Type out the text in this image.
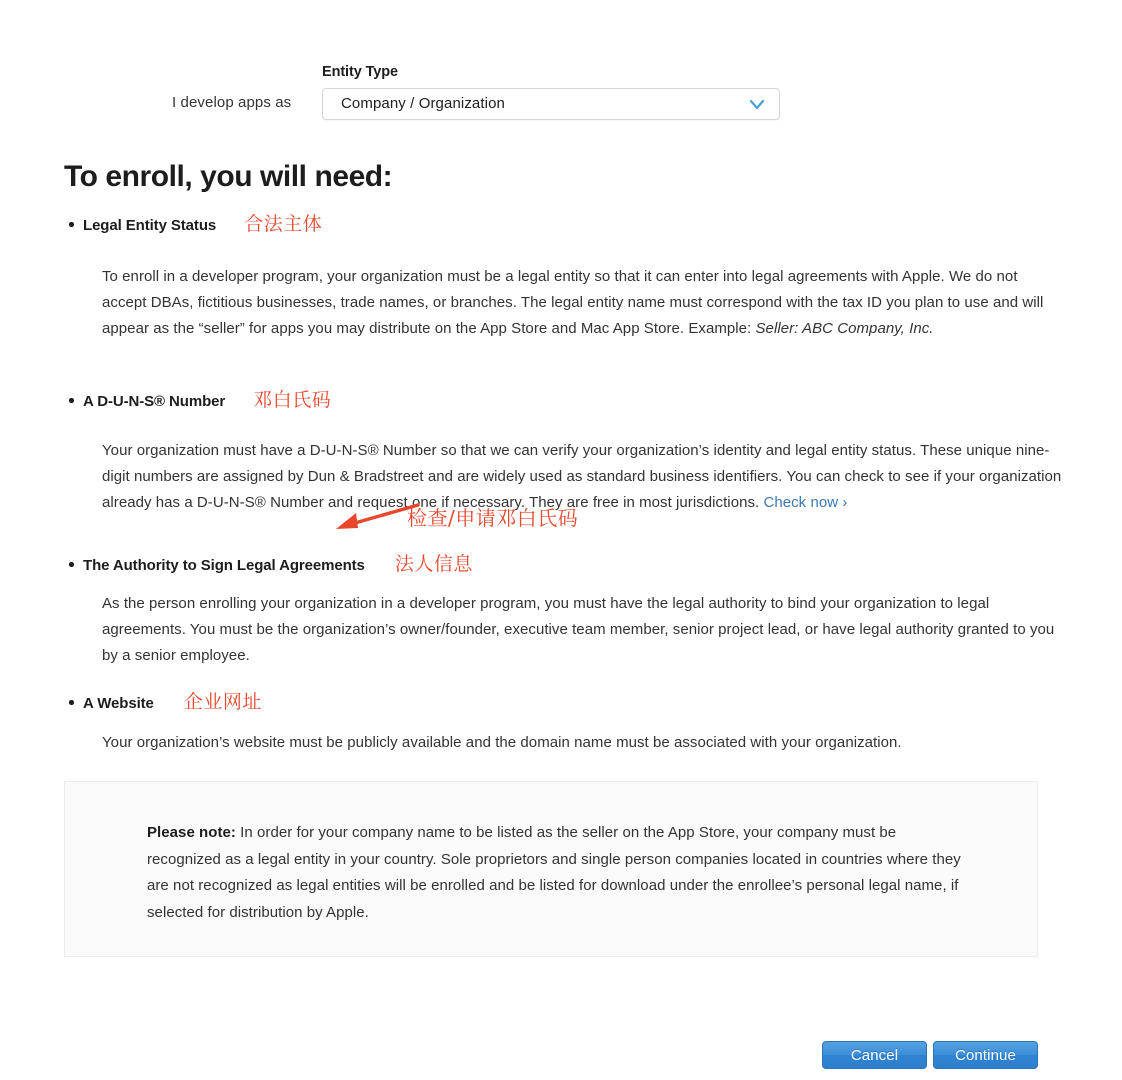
I develop apps as
Entity Type
Company / Organization
To enroll, you will need:
Legal Entity Status 合法主体
To enroll in a developer program, your organization must be a legal entity so that it can enter into legal agreements with Apple. We do not accept DBAs, fictitious businesses, trade names, or branches. The legal entity name must correspond with the tax ID you plan to use and will appear as the “seller” for apps you may distribute on the App Store and Mac App Store. Example: Seller: ABC Company, Inc.
A D-U-N-S® Number 邓白氏码
Your organization must have a D-U-N-S® Number so that we can verify your organization’s identity and legal entity status. These unique nine-digit numbers are assigned by Dun & Bradstreet and are widely used as standard business identifiers. You can check to see if your organization already has a D-U-N-S® Number and request one if necessary. They are free in most jurisdictions. Check now ›
The Authority to Sign Legal Agreements 法人信息
As the person enrolling your organization in a developer program, you must have the legal authority to bind your organization to legal agreements. You must be the organization’s owner/founder, executive team member, senior project lead, or have legal authority granted to you by a senior employee.
A Website 企业网址
Your organization’s website must be publicly available and the domain name must be associated with your organization.
检查/申请邓白氏码
Please note: In order for your company name to be listed as the seller on the App Store, your company must be recognized as a legal entity in your country. Sole proprietors and single person companies located in countries where they are not recognized as legal entities will be enrolled and be listed for download under the enrollee’s personal legal name, if selected for distribution by Apple.
Cancel	Continue
